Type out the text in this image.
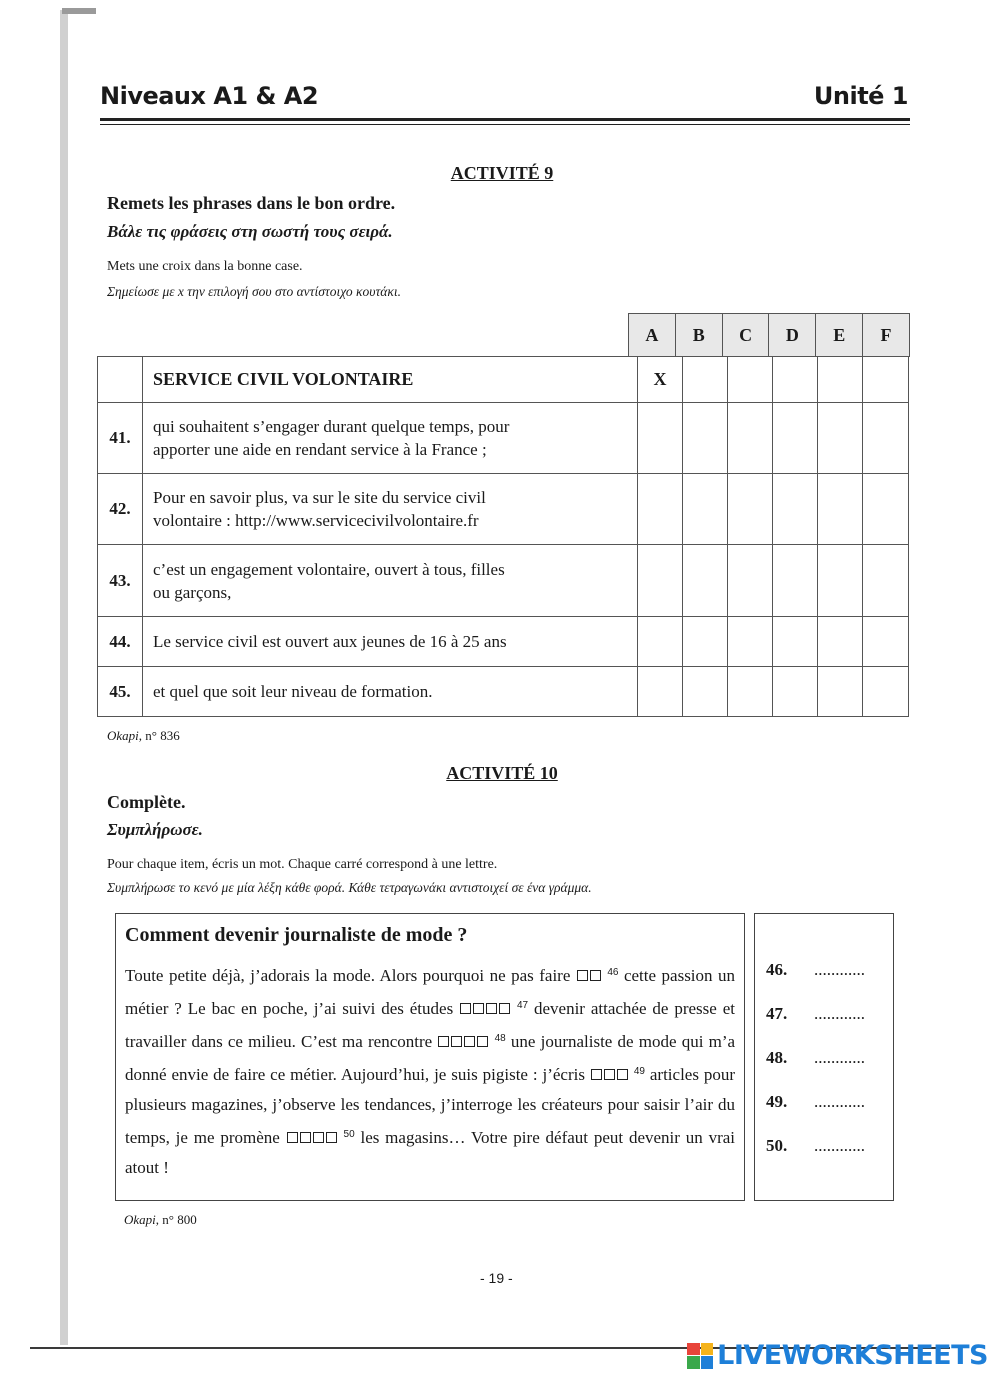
Niveaux A1 & A2	Unité 1
ACTIVITÉ 9
Remets les phrases dans le bon ordre.
Βάλε τις φράσεις στη σωστή τους σειρά.
Mets une croix dans la bonne case.
Σημείωσε με x την επιλογή σου στο αντίστοιχο κουτάκι.
A	B	C	D	E	F
	SERVICE CIVIL VOLONTAIRE	X					
41.	qui souhaitent s’engager durant quelque temps, pour
apporter une aide en rendant service à la France ;						
42.	Pour en savoir plus, va sur le site du service civil
volontaire : http://www.servicecivilvolontaire.fr						
43.	c’est un engagement volontaire, ouvert à tous, filles
ou garçons,						
44.	Le service civil est ouvert aux jeunes de 16 à 25 ans						
45.	et quel que soit leur niveau de formation.						
Okapi, n° 836
ACTIVITÉ 10
Complète.
Συμπλήρωσε.
Pour chaque item, écris un mot. Chaque carré correspond à une lettre.
Συμπλήρωσε το κενό με μία λέξη κάθε φορά. Κάθε τετραγωνάκι αντιστοιχεί σε ένα γράμμα.
Comment devenir journaliste de mode ?
Toute petite déjà, j’adorais la mode. Alors pourquoi ne pas faire	$^{46}$ cette passion un métier ? Le bac en poche, j’ai suivi des études	$^{47}$ devenir attachée de presse et travailler dans ce milieu. C’est ma rencontre	$^{48}$ une journaliste de mode qui m’a donné envie de faire ce métier. Aujourd’hui, je suis pigiste : j’écris	$^{49}$ articles pour plusieurs magazines, j’observe les tendances, j’interroge les créateurs pour saisir l’air du temps, je me promène	$^{50}$ les magasins… Votre pire défaut peut devenir un vrai atout !
46. ............
47. ............
48. ............
49. ............
50. ............
Okapi, n° 800
- 19 -
LIVEWORKSHEETS
